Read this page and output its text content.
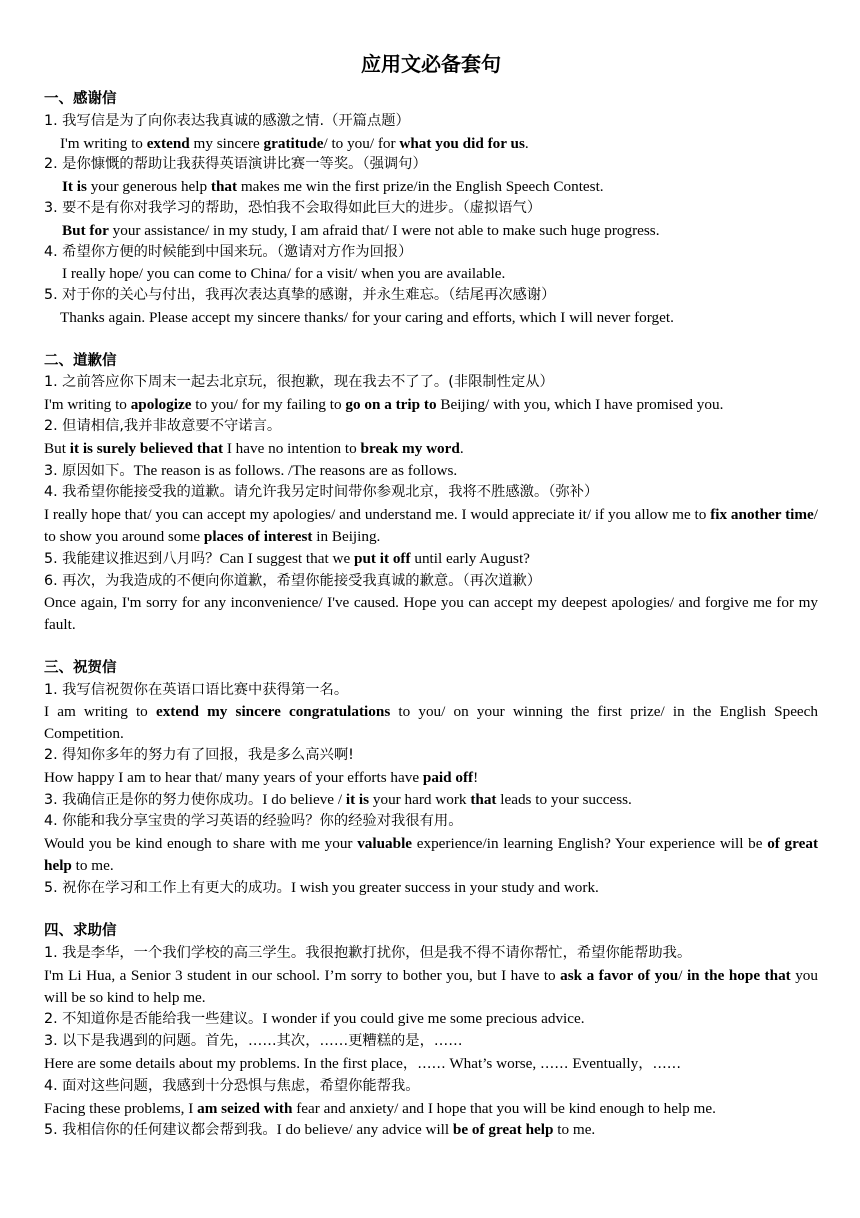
应用文必备套句
一、感谢信
1. 我写信是为了向你表达我真诚的感激之情.（开篇点题）
I'm writing to extend my sincere gratitude/ to you/ for what you did for us.
2. 是你慷慨的帮助让我获得英语演讲比赛一等奖。（强调句）
It is your generous help that makes me win the first prize/in the English Speech Contest.
3. 要不是有你对我学习的帮助，恐怕我不会取得如此巨大的进步。（虚拟语气）
But for your assistance/ in my study, I am afraid that/ I were not able to make such huge progress.
4. 希望你方便的时候能到中国来玩。（邀请对方作为回报）
I really hope/ you can come to China/ for a visit/ when you are available.
5. 对于你的关心与付出，我再次表达真挚的感谢，并永生难忘。（结尾再次感谢）
Thanks again. Please accept my sincere thanks/ for your caring and efforts, which I will never forget.
二、道歉信
1. 之前答应你下周末一起去北京玩，很抱歉，现在我去不了了。(非限制性定从）
I'm writing to apologize to you/ for my failing to go on a trip to Beijing/ with you, which I have promised you.
2. 但请相信,我并非故意要不守诺言。
But it is surely believed that I have no intention to break my word.
3. 原因如下。The reason is as follows. /The reasons are as follows.
4. 我希望你能接受我的道歉。请允许我另定时间带你参观北京，我将不胜感激。（弥补）
I really hope that/ you can accept my apologies/ and understand me. I would appreciate it/ if you allow me to fix another time/ to show you around some places of interest in Beijing.
5. 我能建议推迟到八月吗？Can I suggest that we put it off until early August?
6. 再次，为我造成的不便向你道歉，希望你能接受我真诚的歉意。（再次道歉）
Once again, I'm sorry for any inconvenience/ I've caused. Hope you can accept my deepest apologies/ and forgive me for my fault.
三、祝贺信
1. 我写信祝贺你在英语口语比赛中获得第一名。
I am writing to extend my sincere congratulations to you/ on your winning the first prize/ in the English Speech Competition.
2. 得知你多年的努力有了回报，我是多么高兴啊!
How happy I am to hear that/ many years of your efforts have paid off!
3. 我确信正是你的努力使你成功。I do believe / it is your hard work that leads to your success.
4. 你能和我分享宝贵的学习英语的经验吗？你的经验对我很有用。
Would you be kind enough to share with me your valuable experience/in learning English? Your experience will be of great help to me.
5. 祝你在学习和工作上有更大的成功。I wish you greater success in your study and work.
四、求助信
1. 我是李华，一个我们学校的高三学生。我很抱歉打扰你，但是我不得不请你帮忙，希望你能帮助我。
I'm Li Hua, a Senior 3 student in our school. I’m sorry to bother you, but I have to ask a favor of you/ in the hope that you will be so kind to help me.
2. 不知道你是否能给我一些建议。I wonder if you could give me some precious advice.
3. 以下是我遇到的问题。首先，……其次，……更糟糕的是，……
Here are some details about my problems. In the first place，…… What’s worse, …… Eventually，……
4. 面对这些问题，我感到十分恐惧与焦虑，希望你能帮我。
Facing these problems, I am seized with fear and anxiety/ and I hope that you will be kind enough to help me.
5. 我相信你的任何建议都会帮到我。I do believe/ any advice will be of great help to me.
